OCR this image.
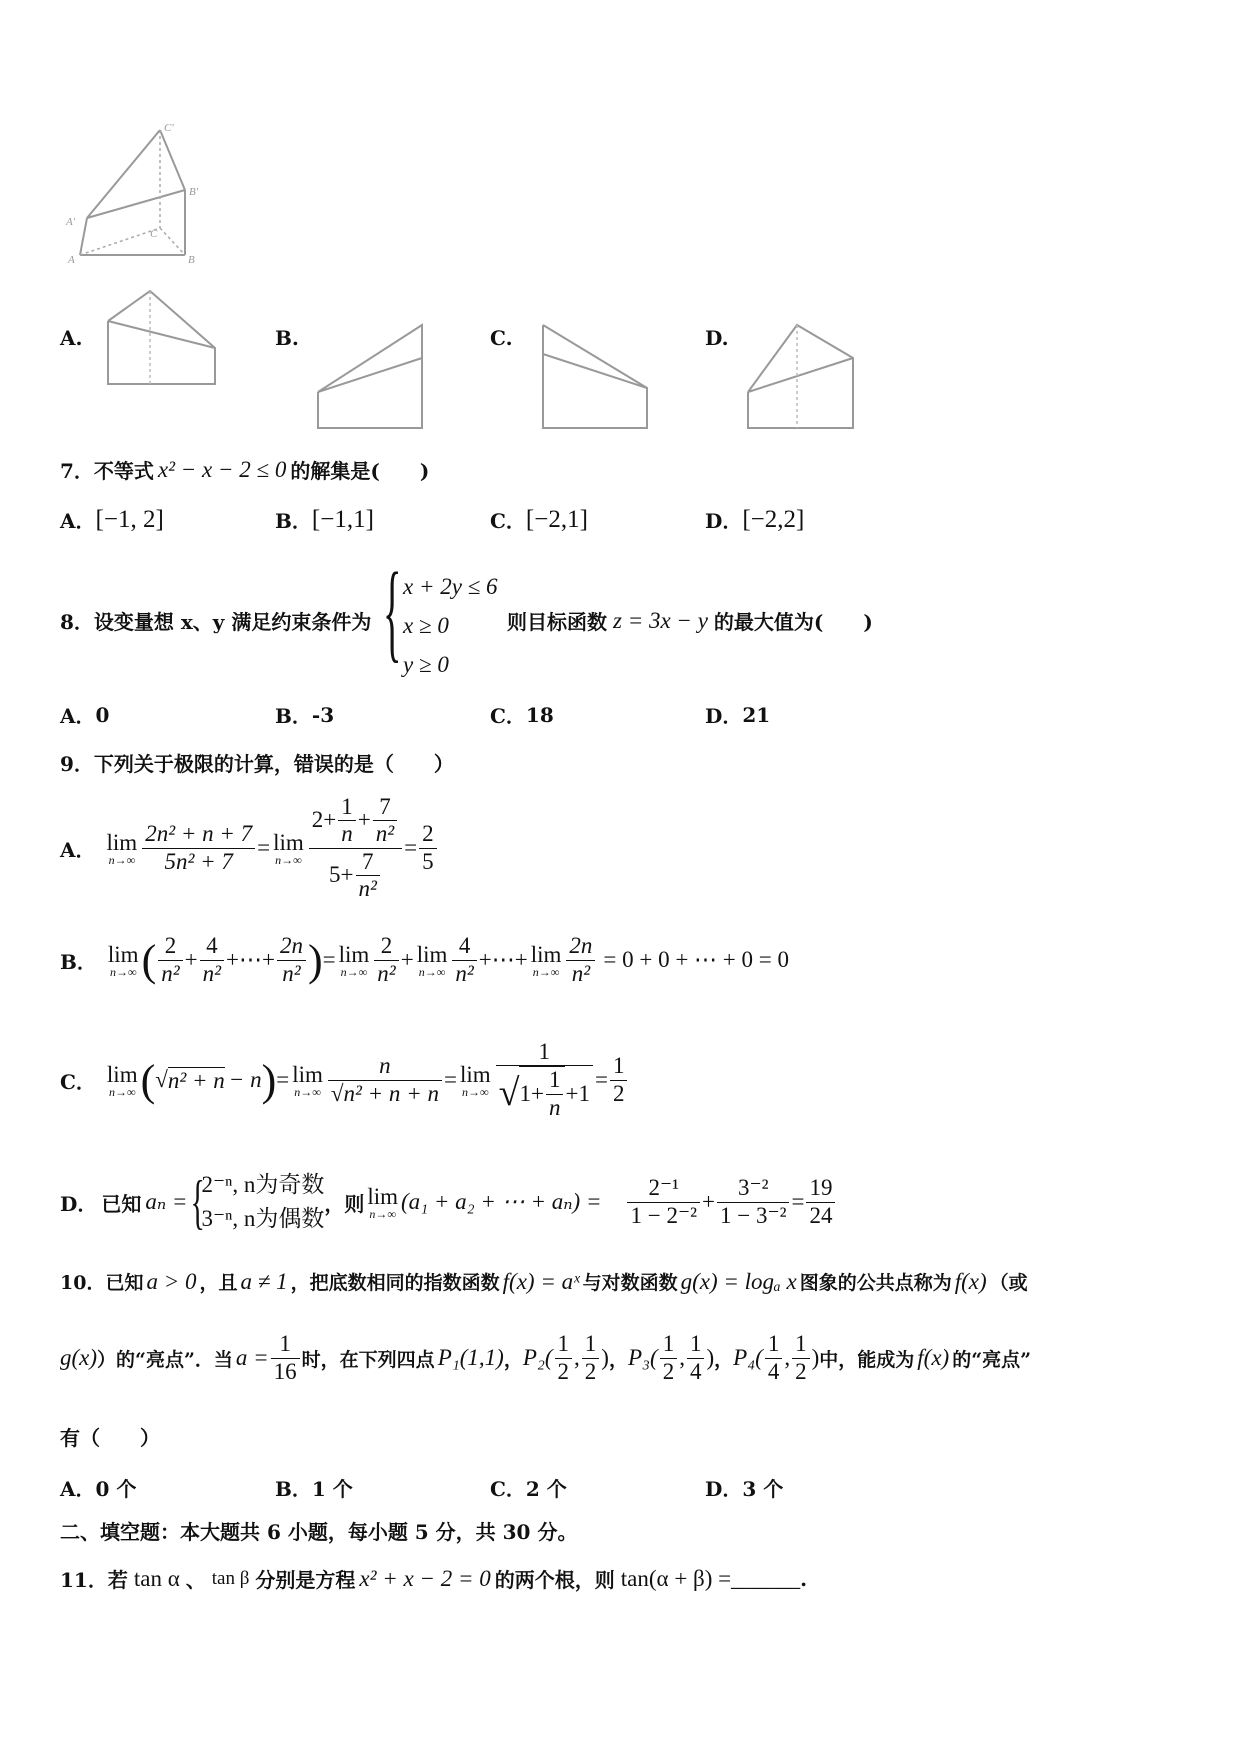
C'
B'
A'
C
A	B
A.	B.	C.	D.
7． 不等式 x² − x − 2 ≤ 0 的解集是(　　)
A． [−1, 2]	B． [−1,1]	C． [−2,1]	D． [−2,2]
8． 设变量想 x、y 满足约束条件为 { x + 2y ≤ 6
x ≥ 0
y ≥ 0
则目标函数 z = 3x − y 的最大值为(　　)
A． 0	B． -3	C． 18	D． 21
9． 下列关于极限的计算，错误的是（　　）
A． lim
$n\to\infty \frac{\text{2n² + n + 7}}{\text{5n² + 7}} = \lim$
$n\to\infty \frac{2+ \frac{1}{n} + \frac{7}{\text{n²}}}{5+ \frac{7}{\text{n²}}} = \frac{2}{5}$
B． lim
n→∞ ( $\frac{2}{\text{n²}} + \frac{4}{\text{n²}}$ +⋯+ $\frac{2n}{\text{n²}}$ ) = lim
$n\to\infty \frac{2}{\text{n²}} + \lim$
$n\to\infty \frac{4}{\text{n²}}$ +⋯+ lim
$n\to\infty \frac{2n}{\text{n²}} = 0 + 0$ + ⋯ + 0 = 0
C． lim
n→∞ ( √ n² + n − n ) = lim
$n\to\infty \frac{n}{\text{√n² + n + n}} = \lim$
$n\to\infty \frac{1}{√ 1+ \frac{1}{n} +1} = \frac{1}{2}$
D． 已知 aₙ = {
2⁻ⁿ, n为奇数
3⁻ⁿ, n为偶数
，则 lim
n→∞ (a₁ + a₂ + ⋯ + $a_n) = \frac{\text{2⁻¹}}{\text{1 − 2⁻²}} + \frac{\text{3⁻²}}{\text{1 − 3⁻²}} = \frac{19}{24}$
10． 已知 a > 0 ，且 a ≠ 1 ，把底数相同的指数函数 f(x) = aˣ 与对数函数 g(x) = logₐ x 图象的公共点称为 f(x) （或
g(x) ）的“亮点”．当 $a = \frac{1}{16}$ 时，在下列四点 P₁(1,1) ， $P_2( \frac{1}{2}$ , $\frac{1}{2}$ ) ， $P_3( \frac{1}{2}$ , $\frac{1}{4}$ ) ， $P_4( \frac{1}{4}$ , $\frac{1}{2}$ ) 中，能成为 f(x) 的“亮点”
有（　　）
A． 0 个	B． 1 个	C． 2 个	D． 3 个
二、填空题：本大题共 6 小题，每小题 5 分，共 30 分。
11． 若 tan α 、 tan β 分别是方程 x² + x − 2 = 0 的两个根，则 tan(α + β) = ______ .
